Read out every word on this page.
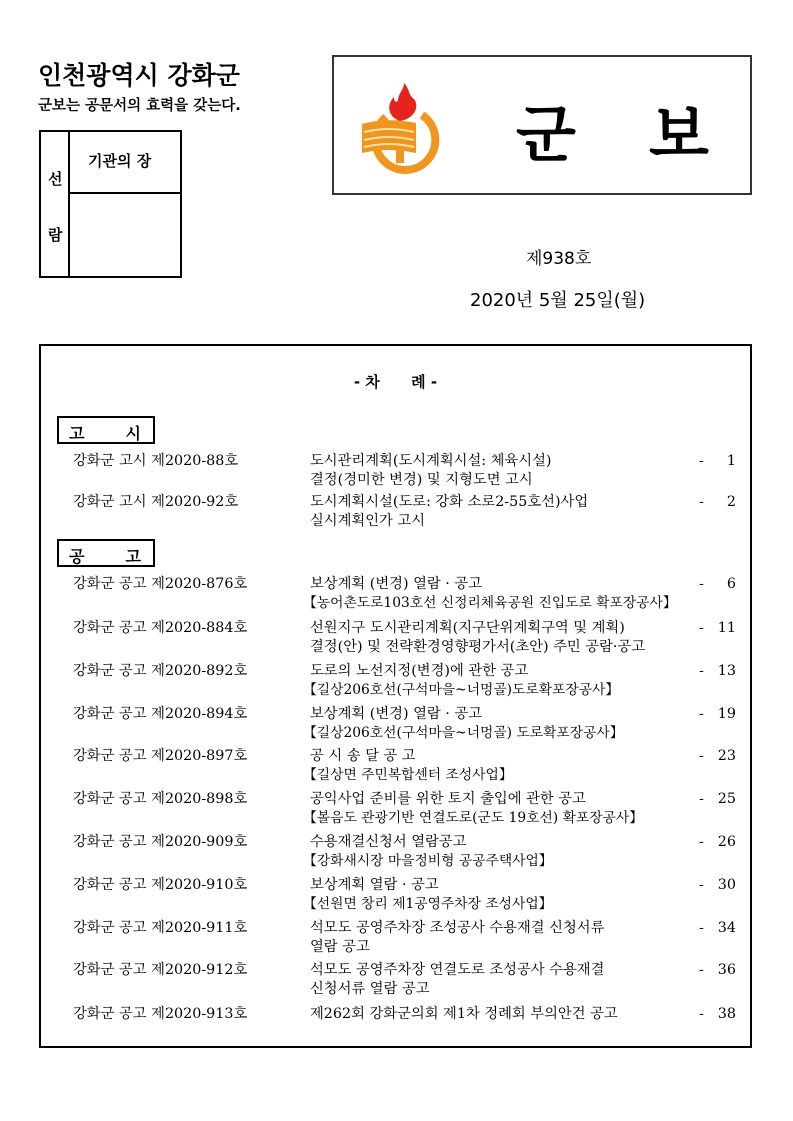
인천광역시 강화군
군보는 공문서의 효력을 갖는다.
선
람
기관의 장	군 보
제938호
2020년 5월 25일(월)
- 차      례 -
고	시
강화군 고시 제2020-88호	도시관리계획(도시계획시설: 체육시설)
결정(경미한 변경) 및 지형도면 고시
- 1
강화군 고시 제2020-92호	도시계획시설(도로: 강화 소로2-55호선)사업
실시계획인가 고시
- 2
공	고
강화군 공고 제2020-876호	보상계획 (변경) 열람 · 공고
【농어촌도로103호선 신정리체육공원 진입도로 확포장공사】
- 6
강화군 공고 제2020-884호	선원지구 도시관리계획(지구단위계획구역 및 계획)
결정(안) 및 전략환경영향평가서(초안) 주민 공람·공고
- 11
강화군 공고 제2020-892호	도로의 노선지정(변경)에 관한 공고
【길상206호선(구석마을~너멍골)도로확포장공사】
- 13
강화군 공고 제2020-894호	보상계획 (변경) 열람 · 공고
【길상206호선(구석마을~너멍골) 도로확포장공사】
- 19
강화군 공고 제2020-897호	공 시 송 달 공 고
【길상면 주민복합센터 조성사업】
- 23
강화군 공고 제2020-898호	공익사업 준비를 위한 토지 출입에 관한 공고
【볼음도 관광기반 연결도로(군도 19호선) 확포장공사】
- 25
강화군 공고 제2020-909호	수용재결신청서 열람공고
【강화새시장 마을정비형 공공주택사업】
- 26
강화군 공고 제2020-910호	보상계획 열람 · 공고
【선원면 창리 제1공영주차장 조성사업】
- 30
강화군 공고 제2020-911호	석모도 공영주차장 조성공사 수용재결 신청서류
열람 공고
- 34
강화군 공고 제2020-912호	석모도 공영주차장 연결도로 조성공사 수용재결
신청서류 열람 공고
- 36
강화군 공고 제2020-913호	제262회 강화군의회 제1차 정례회 부의안건 공고	- 38
